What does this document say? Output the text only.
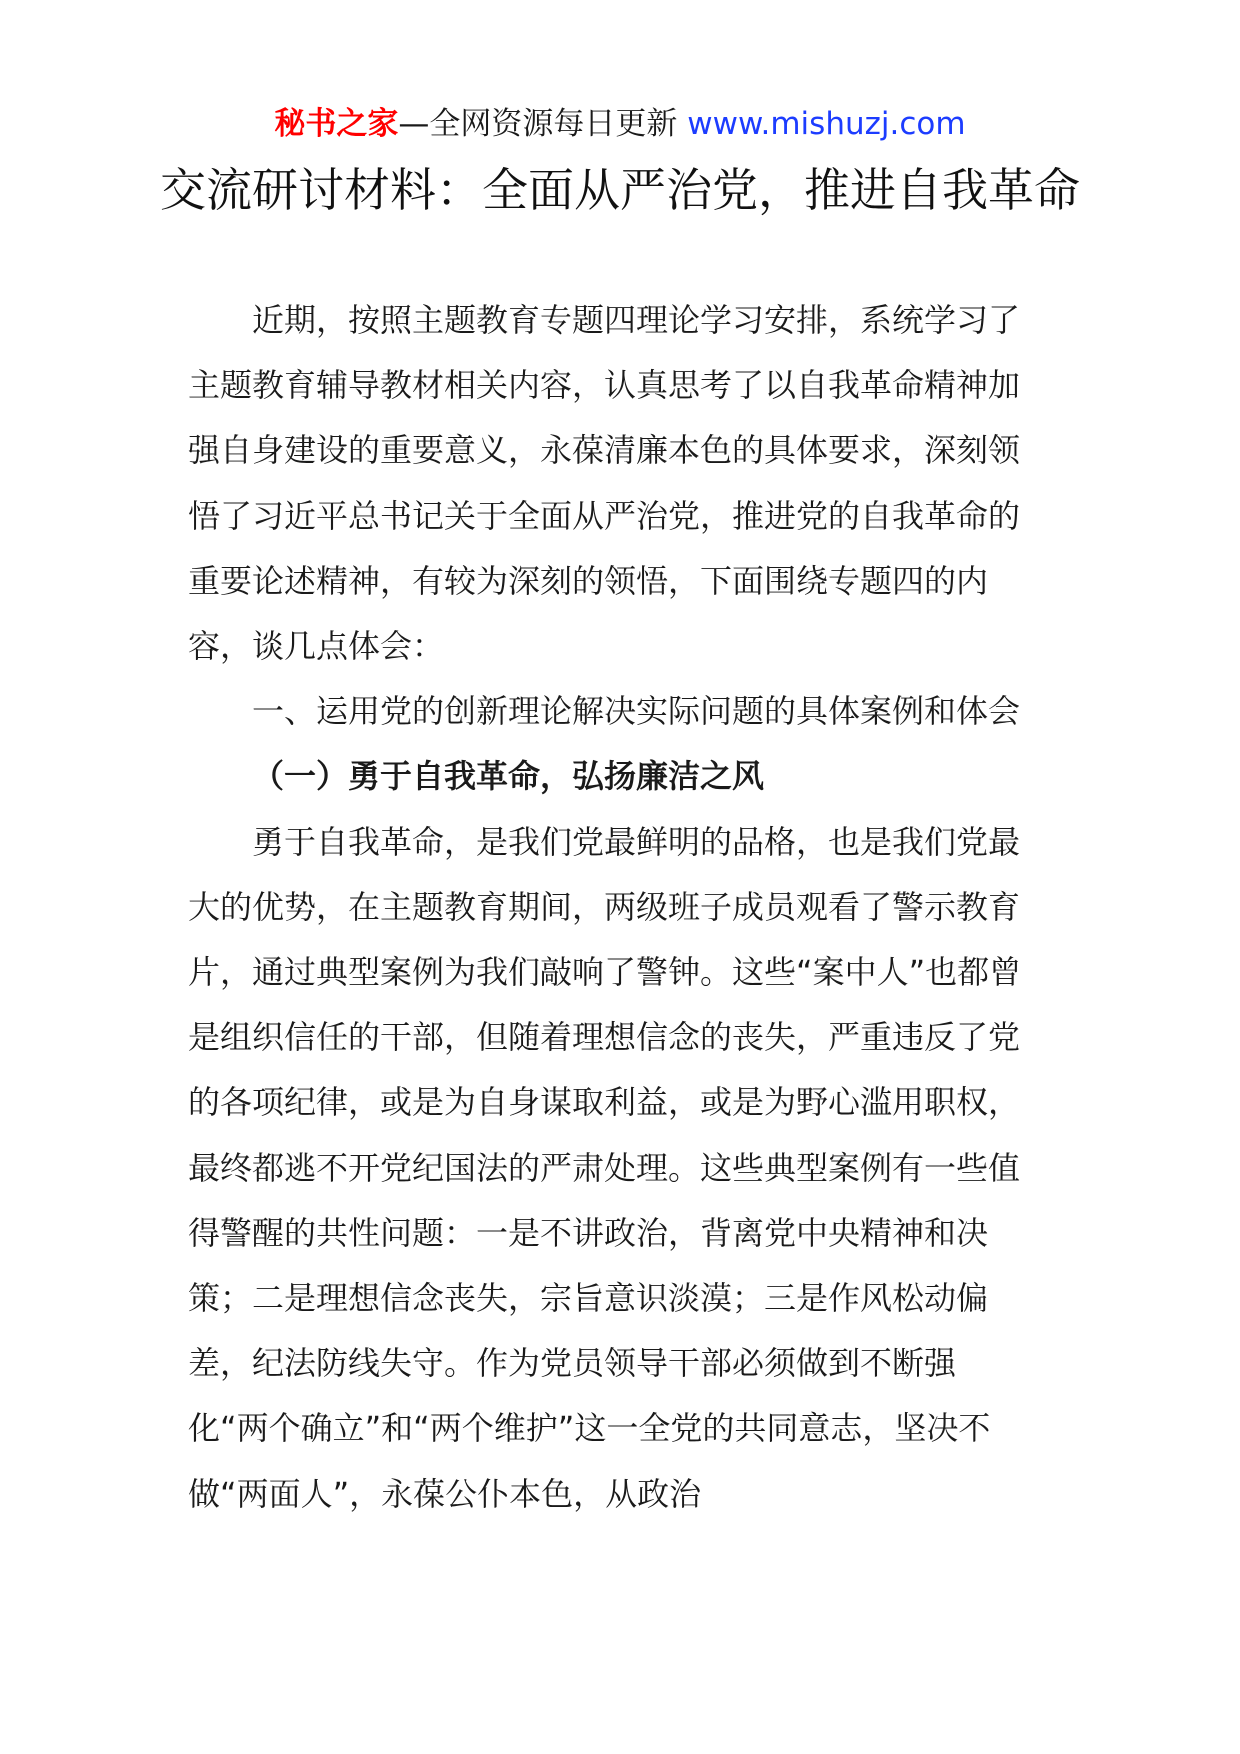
秘书之家—全网资源每日更新 www.mishuzj.com
交流研讨材料：全面从严治党，推进自我革命

近期，按照主题教育专题四理论学习安排，系统学习了主题教育辅导教材相关内容，认真思考了以自我革命精神加强自身建设的重要意义，永葆清廉本色的具体要求，深刻领悟了习近平总书记关于全面从严治党，推进党的自我革命的重要论述精神，有较为深刻的领悟，下面围绕专题四的内容，谈几点体会：

一、运用党的创新理论解决实际问题的具体案例和体会

（一）勇于自我革命，弘扬廉洁之风

勇于自我革命，是我们党最鲜明的品格，也是我们党最大的优势，在主题教育期间，两级班子成员观看了警示教育片，通过典型案例为我们敲响了警钟。这些“案中人”也都曾是组织信任的干部，但随着理想信念的丧失，严重违反了党的各项纪律，或是为自身谋取利益，或是为野心滥用职权，最终都逃不开党纪国法的严肃处理。这些典型案例有一些值得警醒的共性问题：一是不讲政治，背离党中央精神和决策；二是理想信念丧失，宗旨意识淡漠；三是作风松动偏差，纪法防线失守。作为党员领导干部必须做到不断强化“两个确立”和“两个维护”这一全党的共同意志，坚决不做“两面人”，永葆公仆本色，从政治
